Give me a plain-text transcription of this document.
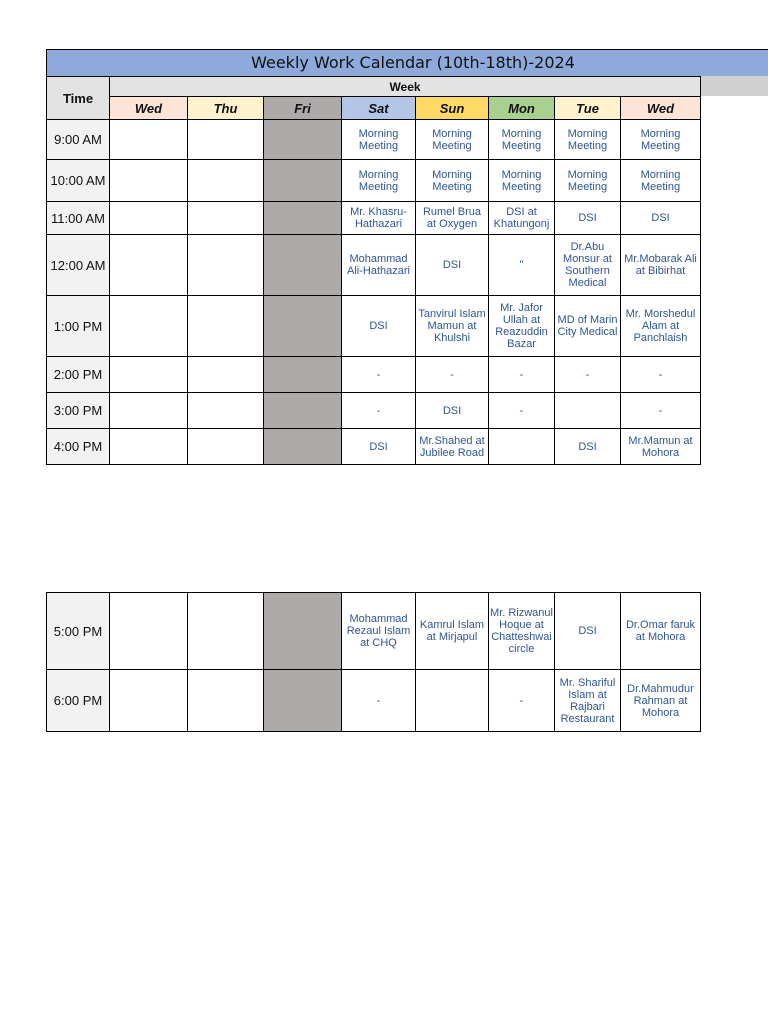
Weekly Work Calendar (10th-18th)-2024
Time	Week							
	Wed	Thu	Fri	Sat	Sun	Mon	Tue	Wed
9:00 AM				Morning Meeting	Morning Meeting	Morning Meeting	Morning Meeting	Morning Meeting

10:00 AM				Morning Meeting	Morning Meeting	Morning Meeting	Morning Meeting	Morning Meeting

11:00 AM				Mr. Khasru-Hathazari	Rumel Brua at Oxygen	DSI at Khatungonj	DSI	DSI

12:00 AM				Mohammad Ali-Hathazari	DSI	"	Dr.Abu Monsur at Southern Medical	Mr.Mobarak Ali at Bibirhat

1:00 PM				DSI	Tanvirul Islam Mamun at Khulshi	Mr. Jafor Ullah at Reazuddin Bazar	MD of Marin City Medical	Mr. Morshedul Alam at Panchlaish

2:00 PM				-	-	-	-	-

3:00 PM				-	DSI	-		-

4:00 PM				DSI	Mr.Shahed at Jubilee Road		DSI	Mr.Mamun at Mohora
5:00 PM				Mohammad Rezaul Islam at CHQ	Kamrul Islam at Mirjapul	Mr. Rizwanul Hoque at Chatteshwai circle	DSI	Dr.Omar faruk at Mohora

6:00 PM				-		-	Mr. Shariful Islam at Rajbari Restaurant	Dr.Mahmudur Rahman at Mohora
